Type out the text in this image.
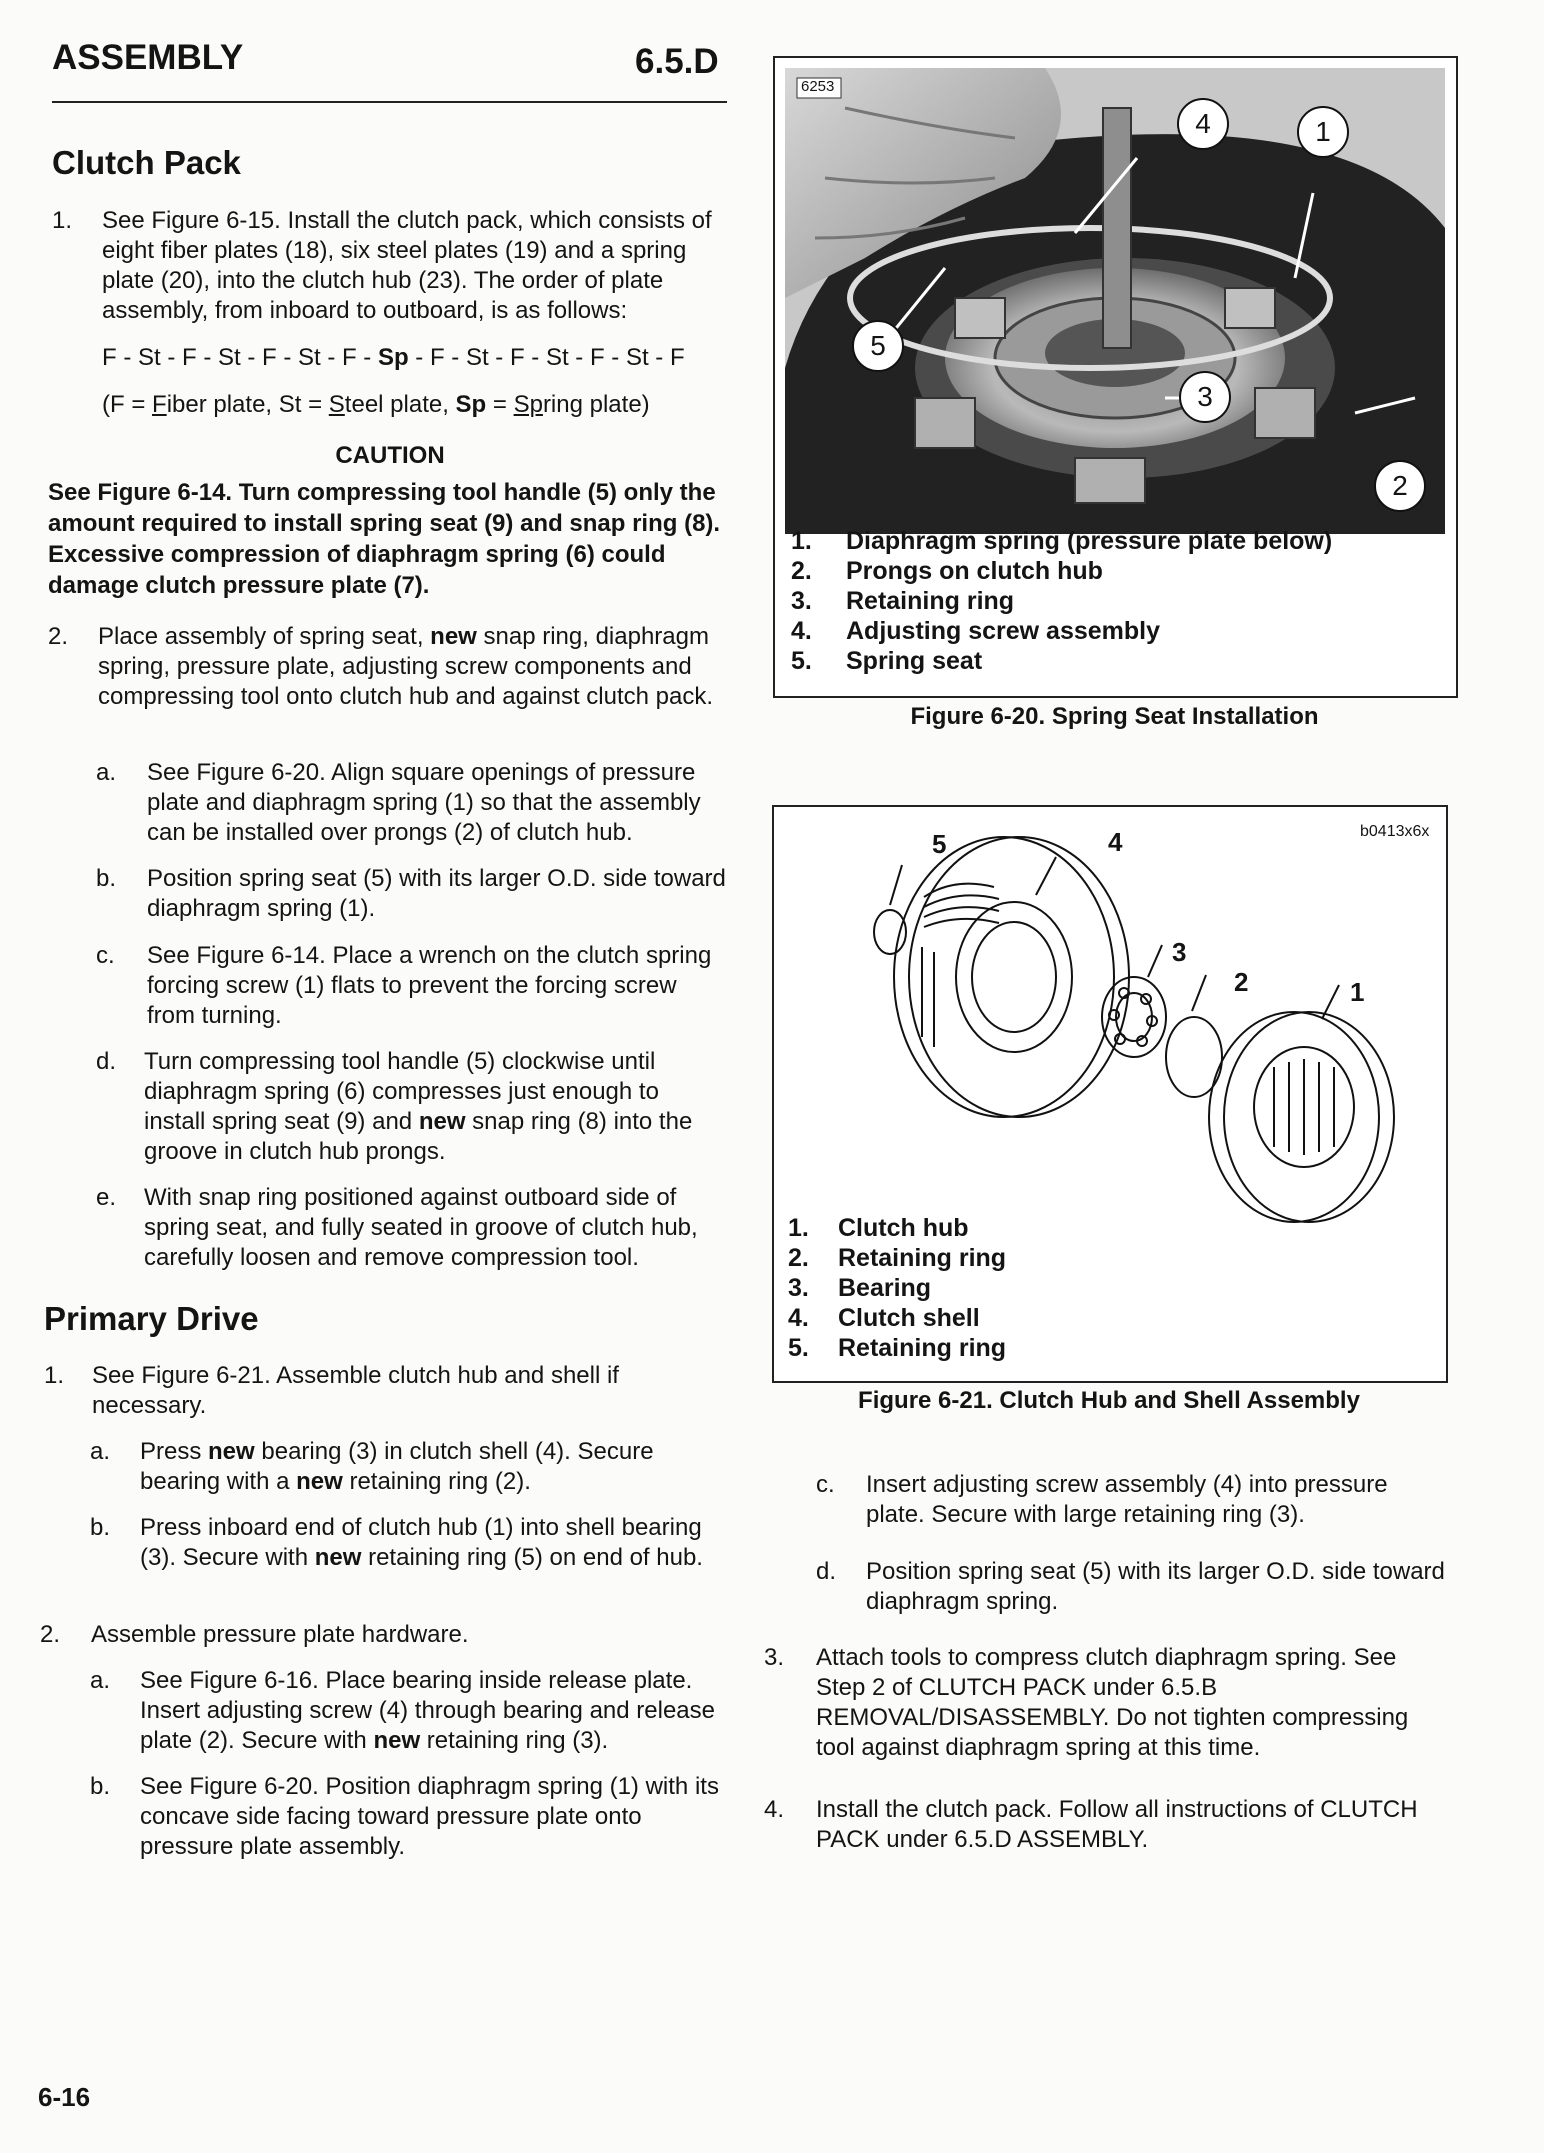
ASSEMBLY	6.5.D
Clutch Pack
1. See Figure 6-15. Install the clutch pack, which consists of eight fiber plates (18), six steel plates (19) and a spring plate (20), into the clutch hub (23). The order of plate assembly, from inboard to outboard, is as follows:
F - St - F - St - F - St - F - Sp - F - St - F - St - F - St - F
(F = Fiber plate, St = Steel plate, Sp = Spring plate)
CAUTION
See Figure 6-14. Turn compressing tool handle (5) only the amount required to install spring seat (9) and snap ring (8). Excessive compression of diaphragm spring (6) could damage clutch pressure plate (7).
2. Place assembly of spring seat, new snap ring, diaphragm spring, pressure plate, adjusting screw components and compressing tool onto clutch hub and against clutch pack.
a. See Figure 6-20. Align square openings of pressure plate and diaphragm spring (1) so that the assembly can be installed over prongs (2) of clutch hub.
b. Position spring seat (5) with its larger O.D. side toward diaphragm spring (1).
c. See Figure 6-14. Place a wrench on the clutch spring forcing screw (1) flats to prevent the forcing screw from turning.
d. Turn compressing tool handle (5) clockwise until diaphragm spring (6) compresses just enough to install spring seat (9) and new snap ring (8) into the groove in clutch hub prongs.
e. With snap ring positioned against outboard side of spring seat, and fully seated in groove of clutch hub, carefully loosen and remove compression tool.
Primary Drive
1. See Figure 6-21. Assemble clutch hub and shell if necessary.
a. Press new bearing (3) in clutch shell (4). Secure bearing with a new retaining ring (2).
b. Press inboard end of clutch hub (1) into shell bearing (3). Secure with new retaining ring (5) on end of hub.
2. Assemble pressure plate hardware.
a. See Figure 6-16. Place bearing inside release plate. Insert adjusting screw (4) through bearing and release plate (2). Secure with new retaining ring (3).
b. See Figure 6-20. Position diaphragm spring (1) with its concave side facing toward pressure plate onto pressure plate assembly.
6253
4	1
5
3
2
1. Diaphragm spring (pressure plate below)
2. Prongs on clutch hub
3. Retaining ring
4. Adjusting screw assembly
5. Spring seat
Figure 6-20. Spring Seat Installation
b0413x6x
5	4
3
2	1
1. Clutch hub
2. Retaining ring
3. Bearing
4. Clutch shell
5. Retaining ring
Figure 6-21. Clutch Hub and Shell Assembly
c. Insert adjusting screw assembly (4) into pressure plate. Secure with large retaining ring (3).
d. Position spring seat (5) with its larger O.D. side toward diaphragm spring.
3. Attach tools to compress clutch diaphragm spring. See Step 2 of CLUTCH PACK under 6.5.B REMOVAL/DISASSEMBLY. Do not tighten compressing tool against diaphragm spring at this time.
4. Install the clutch pack. Follow all instructions of CLUTCH PACK under 6.5.D ASSEMBLY.
6-16
